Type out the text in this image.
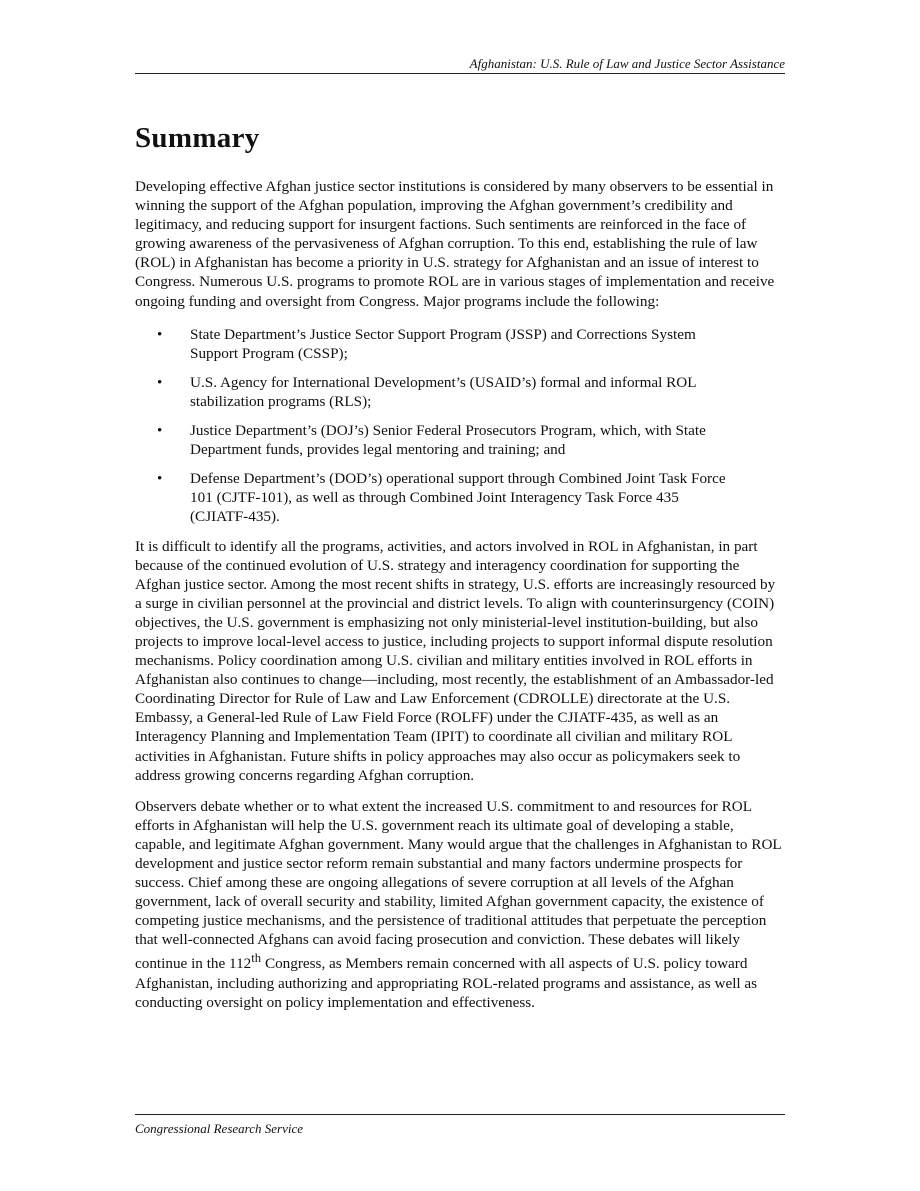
Afghanistan: U.S. Rule of Law and Justice Sector Assistance
Summary

Developing effective Afghan justice sector institutions is considered by many observers to be essential in winning the support of the Afghan population, improving the Afghan government’s credibility and legitimacy, and reducing support for insurgent factions. Such sentiments are reinforced in the face of growing awareness of the pervasiveness of Afghan corruption. To this end, establishing the rule of law (ROL) in Afghanistan has become a priority in U.S. strategy for Afghanistan and an issue of interest to Congress. Numerous U.S. programs to promote ROL are in various stages of implementation and receive ongoing funding and oversight from Congress. Major programs include the following:

• State Department’s Justice Sector Support Program (JSSP) and Corrections System Support Program (CSSP);
• U.S. Agency for International Development’s (USAID’s) formal and informal ROL stabilization programs (RLS);
• Justice Department’s (DOJ’s) Senior Federal Prosecutors Program, which, with State Department funds, provides legal mentoring and training; and
• Defense Department’s (DOD’s) operational support through Combined Joint Task Force 101 (CJTF-101), as well as through Combined Joint Interagency Task Force 435 (CJIATF-435).

It is difficult to identify all the programs, activities, and actors involved in ROL in Afghanistan, in part because of the continued evolution of U.S. strategy and interagency coordination for supporting the Afghan justice sector. Among the most recent shifts in strategy, U.S. efforts are increasingly resourced by a surge in civilian personnel at the provincial and district levels. To align with counterinsurgency (COIN) objectives, the U.S. government is emphasizing not only ministerial-level institution-building, but also projects to improve local-level access to justice, including projects to support informal dispute resolution mechanisms. Policy coordination among U.S. civilian and military entities involved in ROL efforts in Afghanistan also continues to change—including, most recently, the establishment of an Ambassador-led Coordinating Director for Rule of Law and Law Enforcement (CDROLLE) directorate at the U.S. Embassy, a General-led Rule of Law Field Force (ROLFF) under the CJIATF-435, as well as an Interagency Planning and Implementation Team (IPIT) to coordinate all civilian and military ROL activities in Afghanistan. Future shifts in policy approaches may also occur as policymakers seek to address growing concerns regarding Afghan corruption.

Observers debate whether or to what extent the increased U.S. commitment to and resources for ROL efforts in Afghanistan will help the U.S. government reach its ultimate goal of developing a stable, capable, and legitimate Afghan government. Many would argue that the challenges in Afghanistan to ROL development and justice sector reform remain substantial and many factors undermine prospects for success. Chief among these are ongoing allegations of severe corruption at all levels of the Afghan government, lack of overall security and stability, limited Afghan government capacity, the existence of competing justice mechanisms, and the persistence of traditional attitudes that perpetuate the perception that well-connected Afghans can avoid facing prosecution and conviction. These debates will likely continue in the 112th Congress, as Members remain concerned with all aspects of U.S. policy toward Afghanistan, including authorizing and appropriating ROL-related programs and assistance, as well as conducting oversight on policy implementation and effectiveness.

Congressional Research Service
